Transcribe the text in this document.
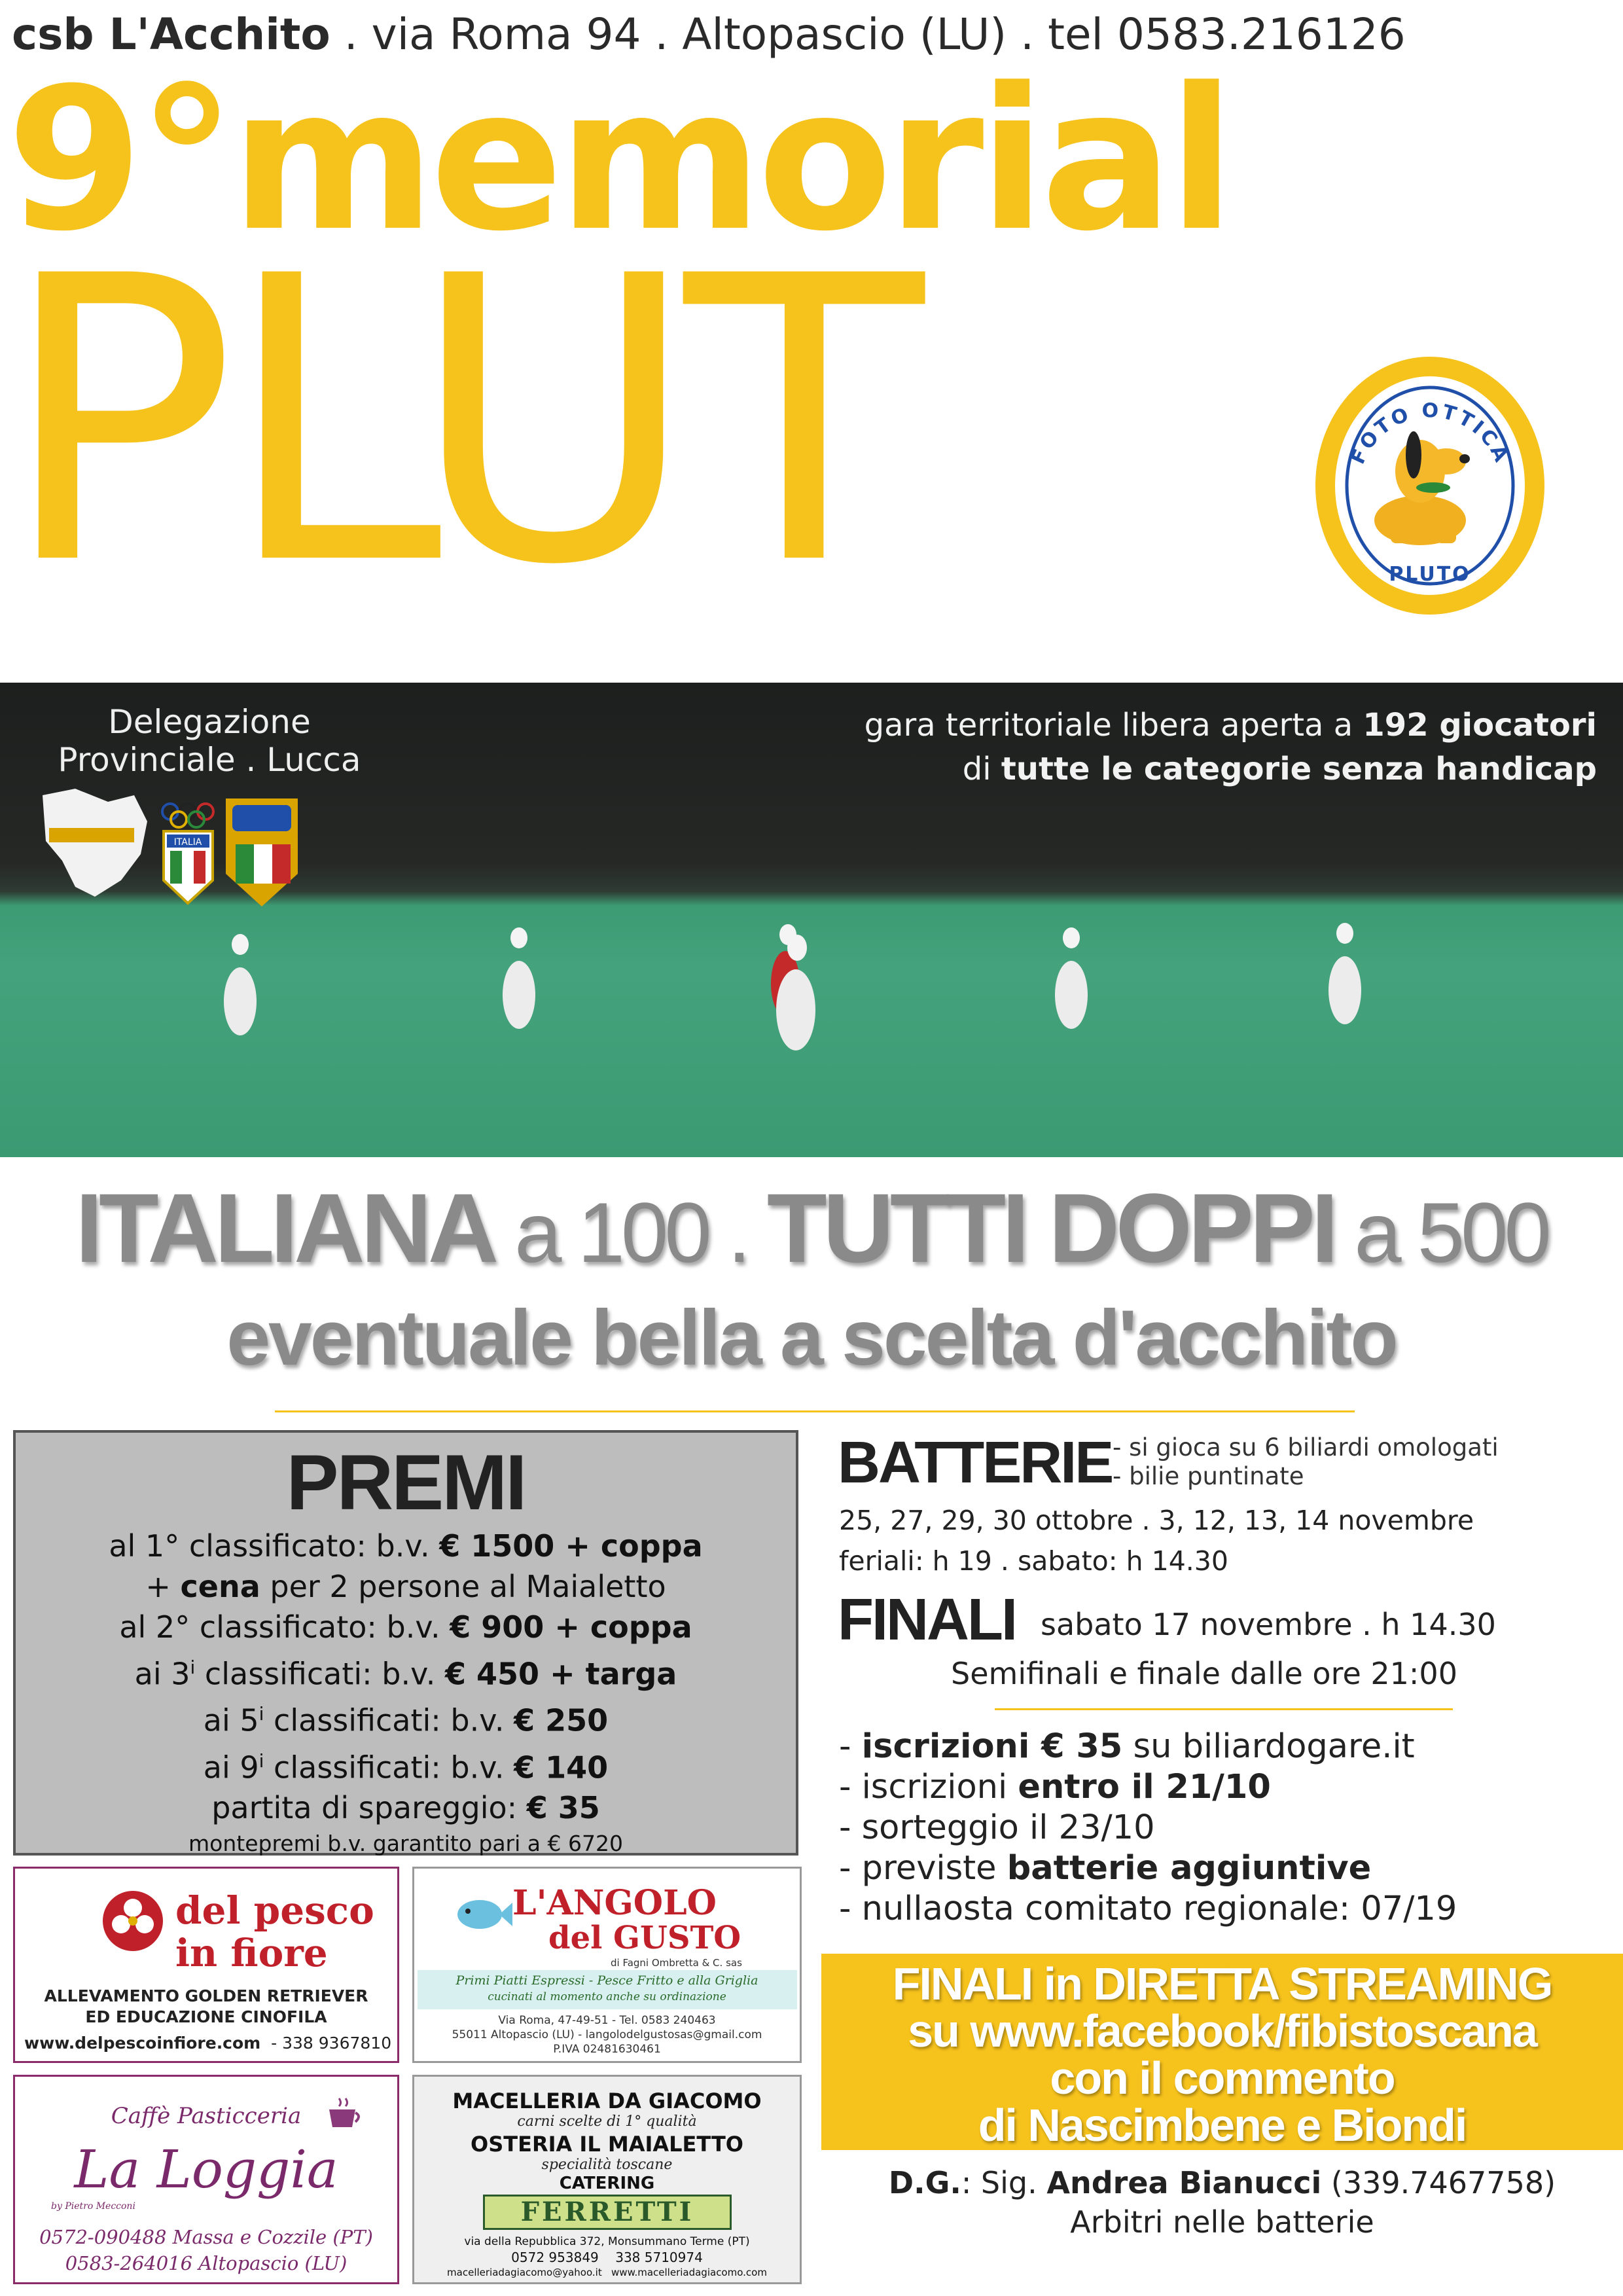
csb L'Acchito . via Roma 94 . Altopascio (LU) . tel 0583.216126
9°memorial
PLUT	FOTO OTTICA
PLUTO
Delegazione
Provinciale . Lucca
ITALIA
gara territoriale libera aperta a 192 giocatori
di tutte le categorie senza handicap
ITALIANA a 100 . TUTTI DOPPI a 500
eventuale bella a scelta d'acchito
PREMI
al 1° classificato: b.v. € 1500 + coppa
+ cena per 2 persone al Maialetto
al 2° classificato: b.v. € 900 + coppa
ai 3$^i$ classificati: b.v. € 450 + targa
ai 5$^i$ classificati: b.v. € 250
ai 9$^i$ classificati: b.v. € 140
partita di spareggio: € 35
montepremi b.v. garantito pari a € 6720
BATTERIE - si gioca su 6 biliardi omologati
- bilie puntinate
25, 27, 29, 30 ottobre . 3, 12, 13, 14 novembre
feriali: h 19 . sabato: h 14.30
FINALI sabato 17 novembre . h 14.30
Semifinali e finale dalle ore 21:00
- iscrizioni € 35 su biliardogare.it
- iscrizioni entro il 21/10
- sorteggio il 23/10
- previste batterie aggiuntive
- nullaosta comitato regionale: 07/19
FINALI in DIRETTA STREAMING
su www.facebook/fibistoscana
con il commento
di Nascimbene e Biondi
D.G.: Sig. Andrea Bianucci (339.7467758)
Arbitri nelle batterie
del pesco
in fiore
ALLEVAMENTO GOLDEN RETRIEVER
ED EDUCAZIONE CINOFILA
www.delpescoinfiore.com - 338 9367810
L'ANGOLO
del GUSTO
di Fagni Ombretta & C. sas
Primi Piatti Espressi - Pesce Fritto e alla Griglia
cucinati al momento anche su ordinazione
Via Roma, 47-49-51 - Tel. 0583 240463
55011 Altopascio (LU) - langolodelgustosas@gmail.com
P.IVA 02481630461
Caffè Pasticceria
La Loggia
by Pietro Mecconi
0572-090488 Massa e Cozzile (PT)
0583-264016 Altopascio (LU)
MACELLERIA DA GIACOMO
carni scelte di 1° qualità
OSTERIA IL MAIALETTO
specialità toscane
CATERING
FERRETTI
via della Repubblica 372, Monsummano Terme (PT)
0572 953849 338 5710974
macelleriadagiacomo@yahoo.it www.macelleriadagiacomo.com
